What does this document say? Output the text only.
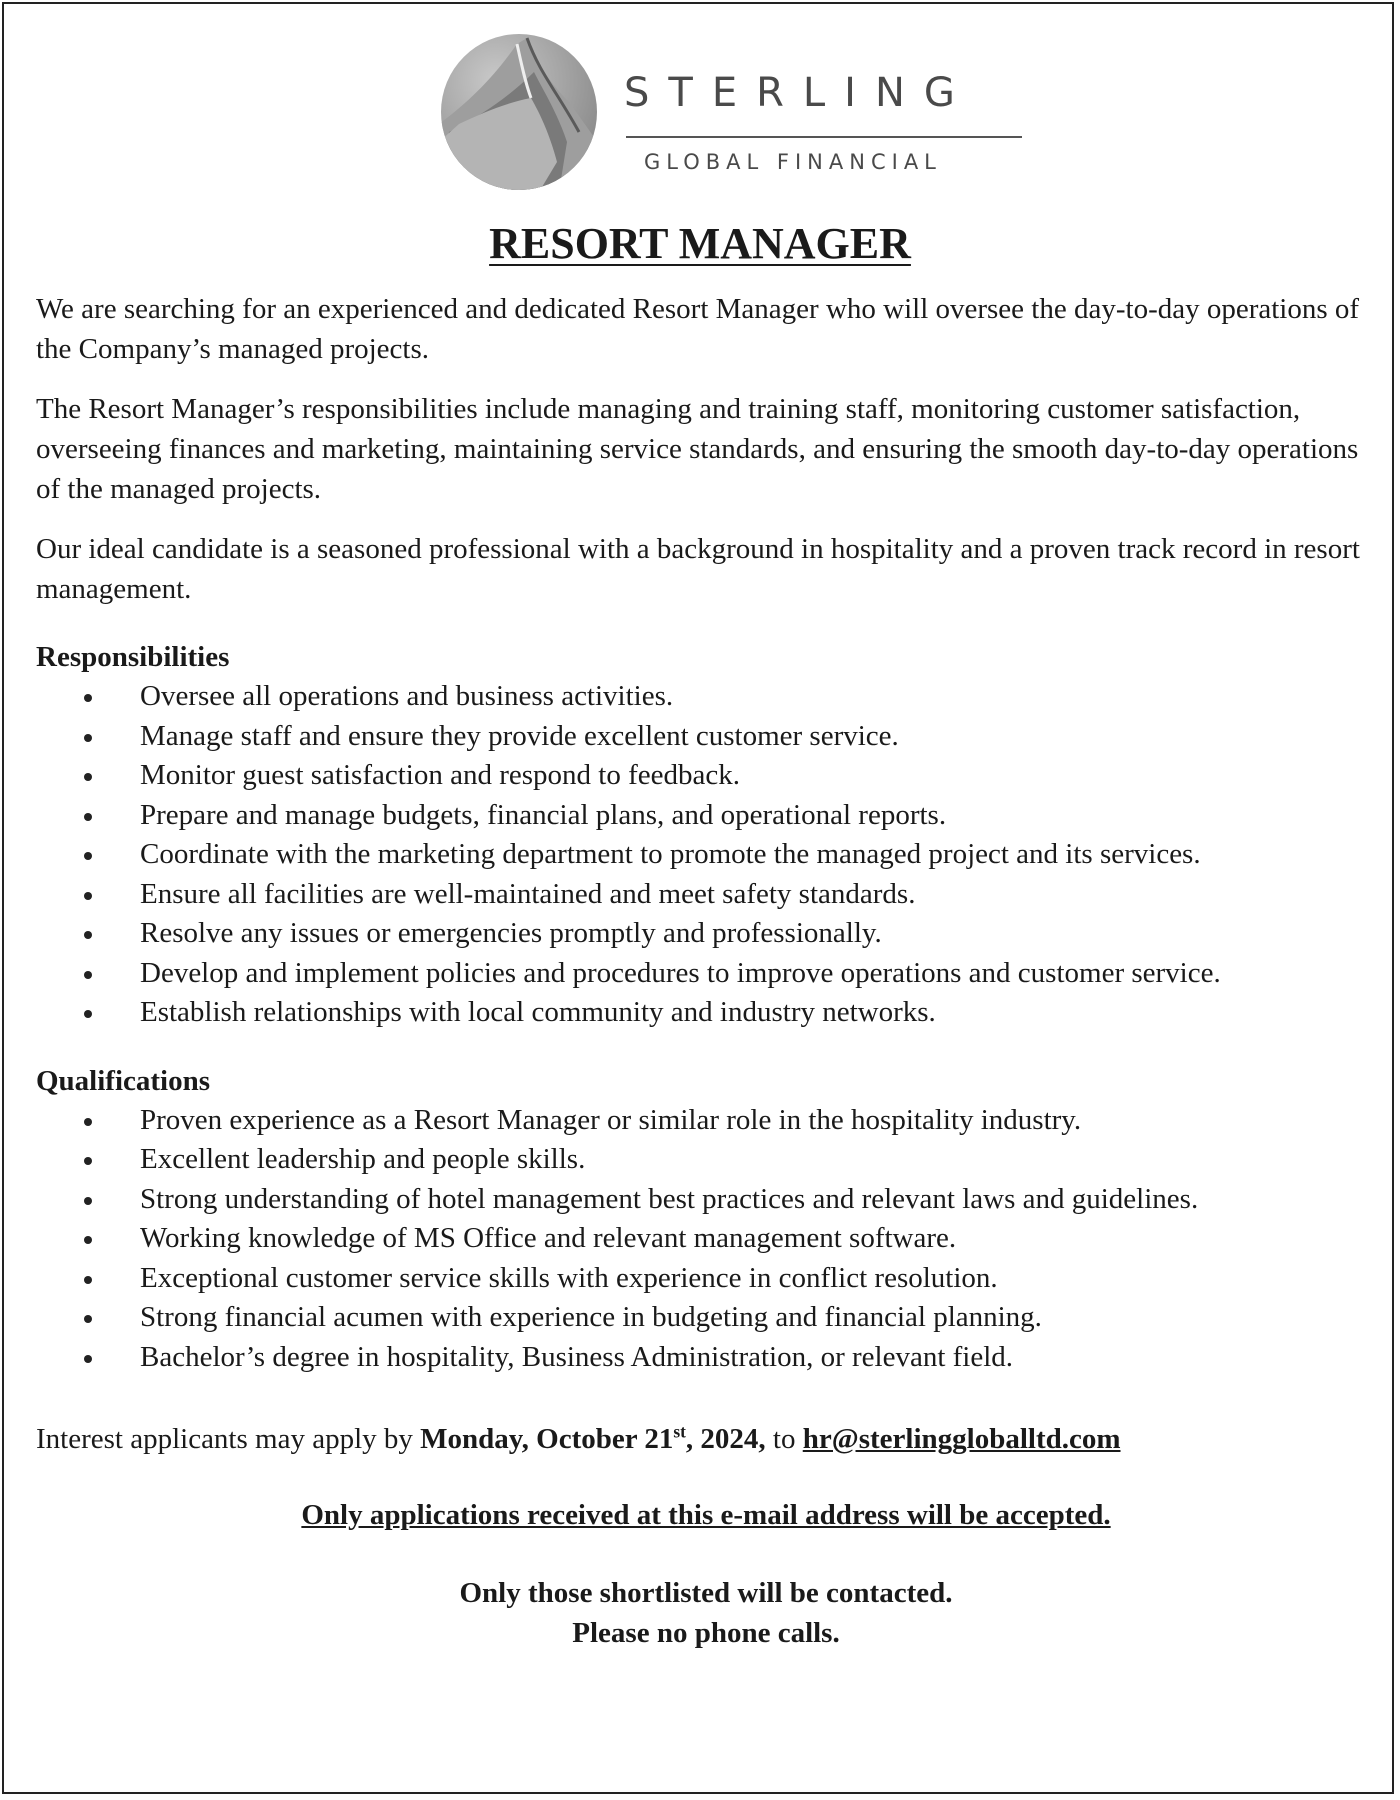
STERLING
GLOBAL FINANCIAL
RESORT MANAGER

We are searching for an experienced and dedicated Resort Manager who will oversee the day-to-day operations of the Company’s managed projects.

The Resort Manager’s responsibilities include managing and training staff, monitoring customer satisfaction, overseeing finances and marketing, maintaining service standards, and ensuring the smooth day-to-day operations of the managed projects.

Our ideal candidate is a seasoned professional with a background in hospitality and a proven track record in resort management.

Responsibilities
Oversee all operations and business activities.
Manage staff and ensure they provide excellent customer service.
Monitor guest satisfaction and respond to feedback.
Prepare and manage budgets, financial plans, and operational reports.
Coordinate with the marketing department to promote the managed project and its services.
Ensure all facilities are well-maintained and meet safety standards.
Resolve any issues or emergencies promptly and professionally.
Develop and implement policies and procedures to improve operations and customer service.
Establish relationships with local community and industry networks.
Qualifications
Proven experience as a Resort Manager or similar role in the hospitality industry.
Excellent leadership and people skills.
Strong understanding of hotel management best practices and relevant laws and guidelines.
Working knowledge of MS Office and relevant management software.
Exceptional customer service skills with experience in conflict resolution.
Strong financial acumen with experience in budgeting and financial planning.
Bachelor’s degree in hospitality, Business Administration, or relevant field.
Interest applicants may apply by Monday, October 21st, 2024, to hr@sterlinggloballtd.com
Only applications received at this e-mail address will be accepted.
Only those shortlisted will be contacted.
Please no phone calls.
